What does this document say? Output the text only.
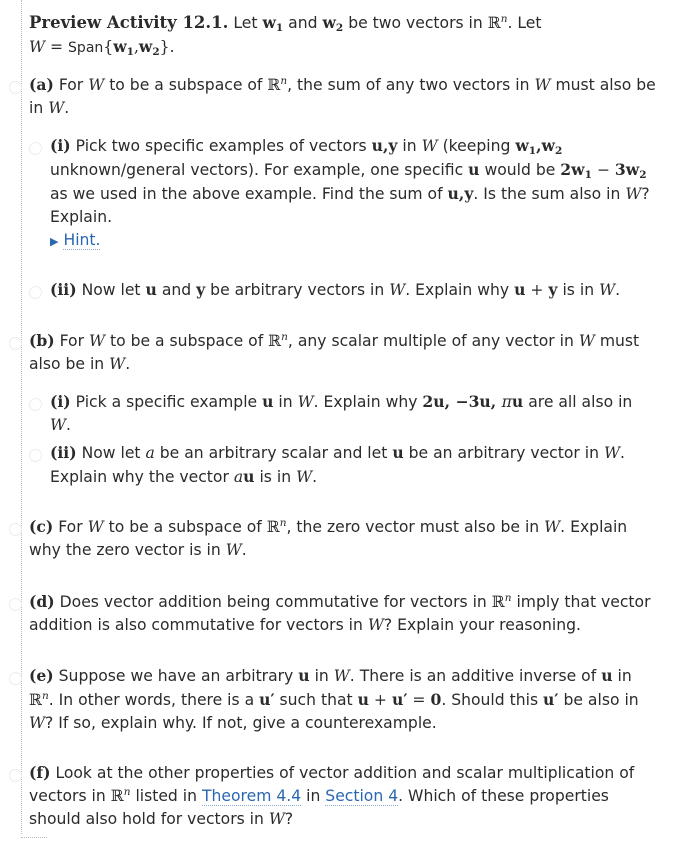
Preview Activity 12.1. Let $w_1$ and $w_2$ be two vectors in ℝ$^n$. Let
$W = Span\{w_1,w_2\}$.
(a) For W to be a subspace of ℝ$^n$, the sum of any two vectors in W must also be in W.
(i) Pick two specific examples of vectors u,y in W (keeping $w_1,w_2$ unknown/general vectors). For example, one specific u would be $2w_1 - 3w_2$ as we used in the above example. Find the sum of u,y. Is the sum also in W? Explain.
▶ Hint.
(ii) Now let u and y be arbitrary vectors in W. Explain why u + y is in W.
(b) For W to be a subspace of ℝ$^n$, any scalar multiple of any vector in W must also be in W.
(i) Pick a specific example u in W. Explain why 2u, −3u, πu are all also in W.
(ii) Now let a be an arbitrary scalar and let u be an arbitrary vector in W. Explain why the vector au is in W.
(c) For W to be a subspace of ℝ$^n$, the zero vector must also be in W. Explain why the zero vector is in W.
(d) Does vector addition being commutative for vectors in ℝ$^n$ imply that vector addition is also commutative for vectors in W? Explain your reasoning.
(e) Suppose we have an arbitrary u in W. There is an additive inverse of u in ℝ$^n$. In other words, there is a u′ such that u + u′ = 0. Should this u′ be also in W? If so, explain why. If not, give a counterexample.
(f) Look at the other properties of vector addition and scalar multiplication of vectors in ℝ$^n$ listed in Theorem 4.4 in Section 4. Which of these properties should also hold for vectors in W?
